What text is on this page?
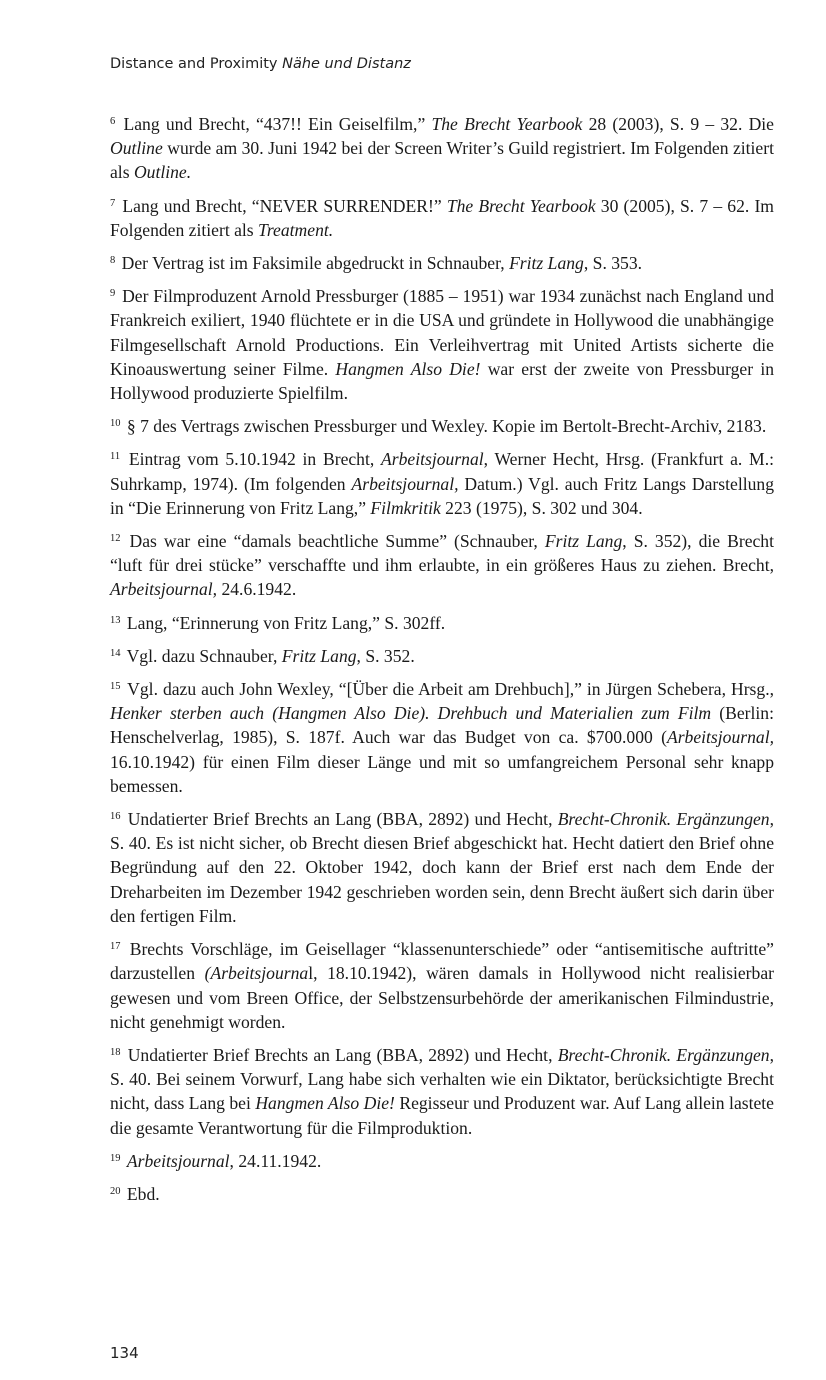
Distance and Proximity Nähe und Distanz

$^6$ Lang und Brecht, “437!! Ein Geiselfilm,” The Brecht Yearbook 28 (2003), S. 9 – 32. Die Outline wurde am 30. Juni 1942 bei der Screen Writer’s Guild registriert. Im Folgenden zitiert als Outline.

$^7$ Lang und Brecht, “NEVER SURRENDER!” The Brecht Yearbook 30 (2005), S. 7 – 62. Im Folgenden zitiert als Treatment.

$^8$ Der Vertrag ist im Faksimile abgedruckt in Schnauber, Fritz Lang, S. 353.

$^9$ Der Filmproduzent Arnold Pressburger (1885 – 1951) war 1934 zunächst nach England und Frankreich exiliert, 1940 flüchtete er in die USA und gründete in Hollywood die unabhängige Filmgesellschaft Arnold Productions. Ein Verleihvertrag mit United Artists sicherte die Kinoauswertung seiner Filme. Hangmen Also Die! war erst der zweite von Pressburger in Hollywood produzierte Spielfilm.

$^{10}$ § 7 des Vertrags zwischen Pressburger und Wexley. Kopie im Bertolt-Brecht-Archiv, 2183.

$^{11}$ Eintrag vom 5.10.1942 in Brecht, Arbeitsjournal, Werner Hecht, Hrsg. (Frankfurt a. M.: Suhrkamp, 1974). (Im folgenden Arbeitsjournal, Datum.) Vgl. auch Fritz Langs Darstellung in “Die Erinnerung von Fritz Lang,” Filmkritik 223 (1975), S. 302 und 304.

$^{12}$ Das war eine “damals beachtliche Summe” (Schnauber, Fritz Lang, S. 352), die Brecht “luft für drei stücke” verschaffte und ihm erlaubte, in ein größeres Haus zu ziehen. Brecht, Arbeitsjournal, 24.6.1942.

$^{13}$ Lang, “Erinnerung von Fritz Lang,” S. 302ff.

$^{14}$ Vgl. dazu Schnauber, Fritz Lang, S. 352.

$^{15}$ Vgl. dazu auch John Wexley, “[Über die Arbeit am Drehbuch],” in Jürgen Schebera, Hrsg., Henker sterben auch (Hangmen Also Die). Drehbuch und Materialien zum Film (Berlin: Henschelverlag, 1985), S. 187f. Auch war das Budget von ca. $700.000 (Arbeitsjournal, 16.10.1942) für einen Film dieser Länge und mit so umfangreichem Personal sehr knapp bemessen.

$^{16}$ Undatierter Brief Brechts an Lang (BBA, 2892) und Hecht, Brecht-Chronik. Ergänzungen, S. 40. Es ist nicht sicher, ob Brecht diesen Brief abgeschickt hat. Hecht datiert den Brief ohne Begründung auf den 22. Oktober 1942, doch kann der Brief erst nach dem Ende der Dreharbeiten im Dezember 1942 geschrieben worden sein, denn Brecht äußert sich darin über den fertigen Film.

$^{17}$ Brechts Vorschläge, im Geisellager “klassenunterschiede” oder “antisemitische auftritte” darzustellen (Arbeitsjournal, 18.10.1942), wären damals in Hollywood nicht realisierbar gewesen und vom Breen Office, der Selbstzensurbehörde der amerikanischen Filmindustrie, nicht genehmigt worden.

$^{18}$ Undatierter Brief Brechts an Lang (BBA, 2892) und Hecht, Brecht-Chronik. Ergänzungen, S. 40. Bei seinem Vorwurf, Lang habe sich verhalten wie ein Diktator, berücksichtigte Brecht nicht, dass Lang bei Hangmen Also Die! Regisseur und Produzent war. Auf Lang allein lastete die gesamte Verantwortung für die Filmproduktion.

$^{19}$ Arbeitsjournal, 24.11.1942.

$^{20}$ Ebd.

134
